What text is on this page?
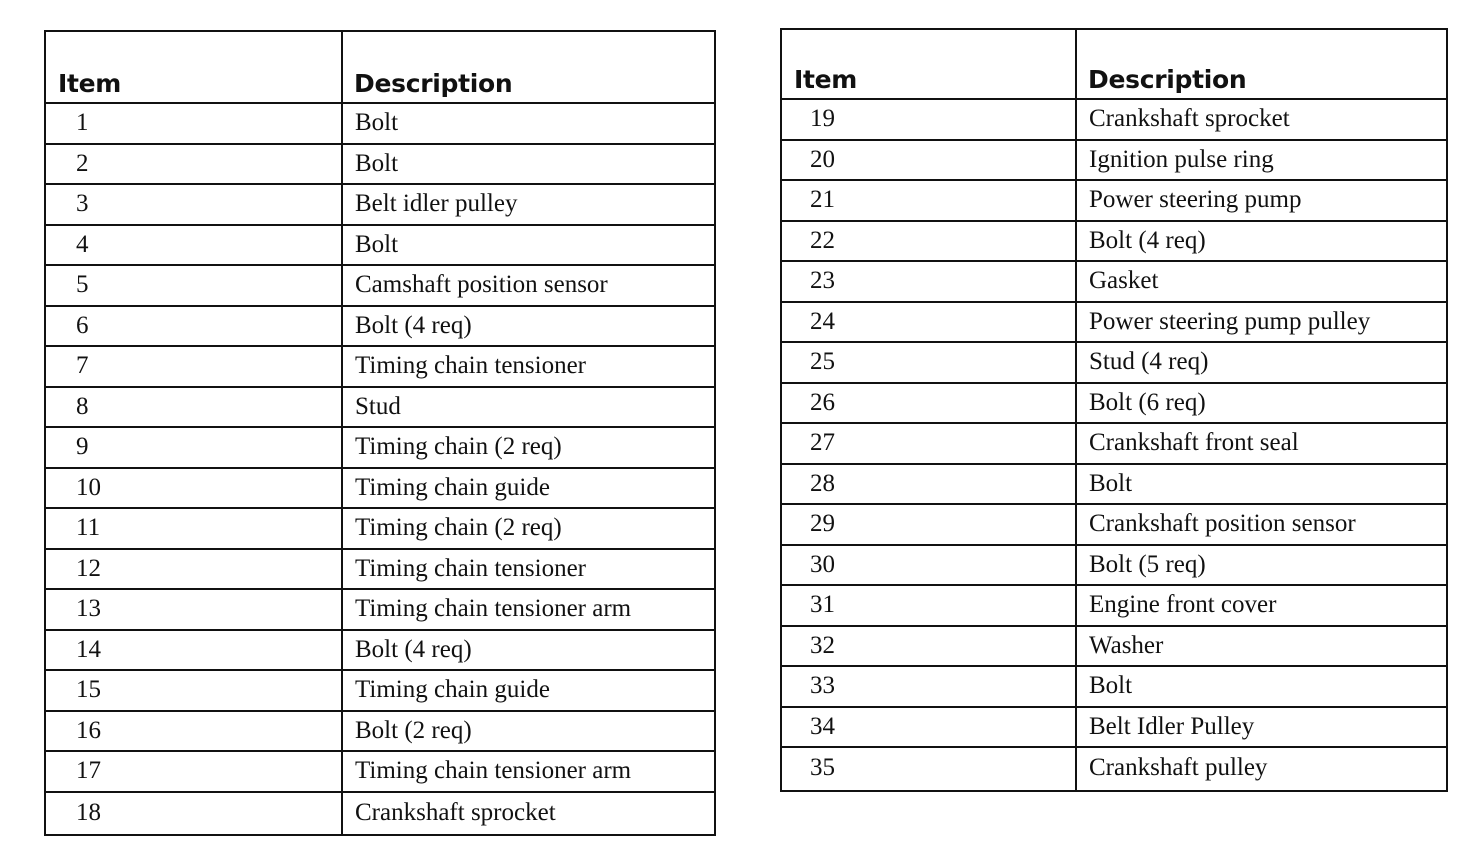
Item	Description
1	Bolt
2	Bolt
3	Belt idler pulley
4	Bolt
5	Camshaft position sensor
6	Bolt (4 req)
7	Timing chain tensioner
8	Stud
9	Timing chain (2 req)
10	Timing chain guide
11	Timing chain (2 req)
12	Timing chain tensioner
13	Timing chain tensioner arm
14	Bolt (4 req)
15	Timing chain guide
16	Bolt (2 req)
17	Timing chain tensioner arm
18	Crankshaft sprocket
Item	Description
19	Crankshaft sprocket
20	Ignition pulse ring
21	Power steering pump
22	Bolt (4 req)
23	Gasket
24	Power steering pump pulley
25	Stud (4 req)
26	Bolt (6 req)
27	Crankshaft front seal
28	Bolt
29	Crankshaft position sensor
30	Bolt (5 req)
31	Engine front cover
32	Washer
33	Bolt
34	Belt Idler Pulley
35	Crankshaft pulley
